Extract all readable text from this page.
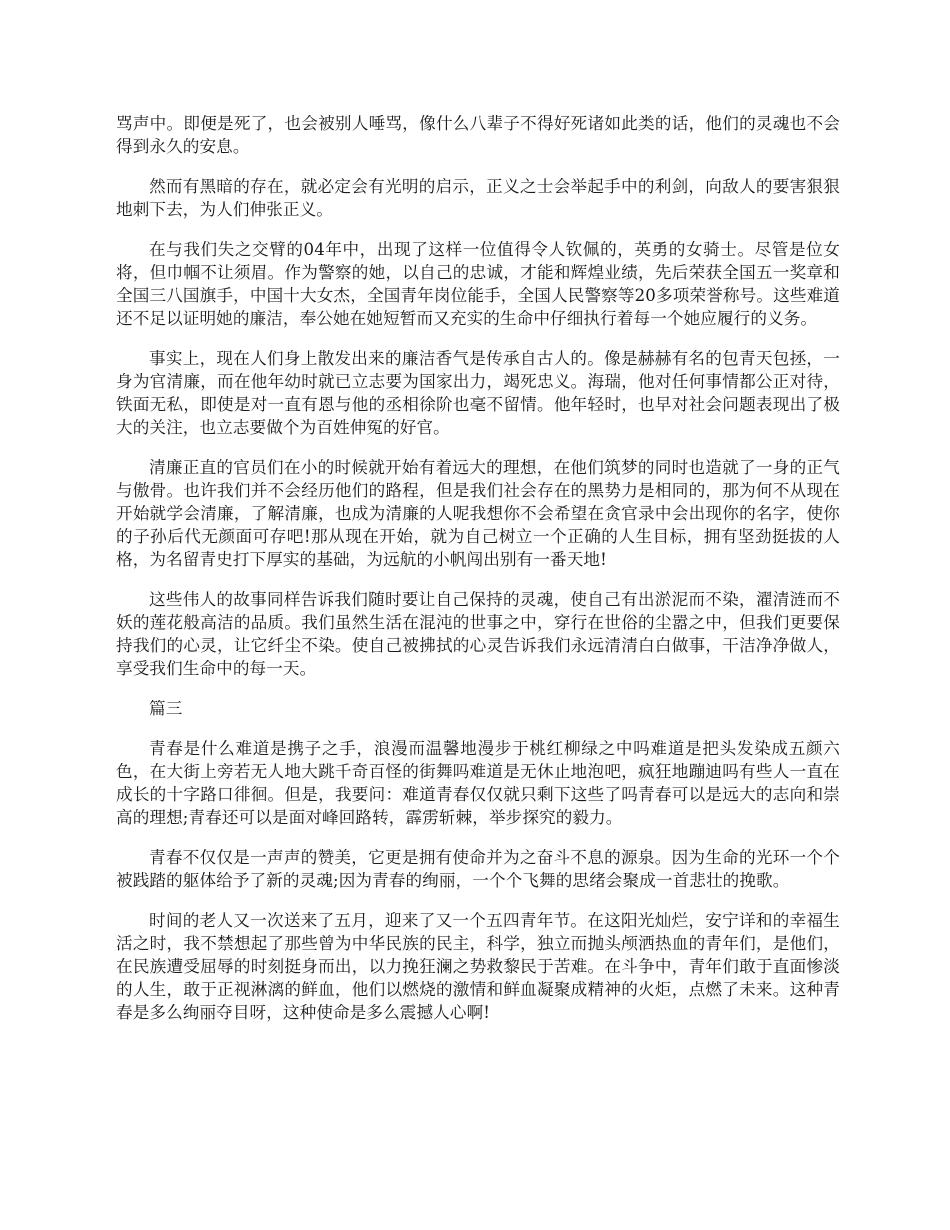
骂声中。即便是死了，也会被别人唾骂，像什么八辈子不得好死诸如此类的话，他们的灵魂也不会得到永久的安息。

然而有黑暗的存在，就必定会有光明的启示，正义之士会举起手中的利剑，向敌人的要害狠狠地刺下去，为人们伸张正义。

在与我们失之交臂的04年中，出现了这样一位值得令人钦佩的，英勇的女骑士。尽管是位女将，但巾帼不让须眉。作为警察的她，以自己的忠诚，才能和辉煌业绩，先后荣获全国五一奖章和全国三八国旗手，中国十大女杰，全国青年岗位能手，全国人民警察等20多项荣誉称号。这些难道还不足以证明她的廉洁，奉公她在她短暂而又充实的生命中仔细执行着每一个她应履行的义务。

事实上，现在人们身上散发出来的廉洁香气是传承自古人的。像是赫赫有名的包青天包拯，一身为官清廉，而在他年幼时就已立志要为国家出力，竭死忠义。海瑞，他对任何事情都公正对待，铁面无私，即使是对一直有恩与他的丞相徐阶也毫不留情。他年轻时，也早对社会问题表现出了极大的关注，也立志要做个为百姓伸冤的好官。

清廉正直的官员们在小的时候就开始有着远大的理想，在他们筑梦的同时也造就了一身的正气与傲骨。也许我们并不会经历他们的路程，但是我们社会存在的黑势力是相同的，那为何不从现在开始就学会清廉，了解清廉，也成为清廉的人呢我想你不会希望在贪官录中会出现你的名字，使你的子孙后代无颜面可存吧!那从现在开始，就为自己树立一个正确的人生目标，拥有坚劲挺拔的人格，为名留青史打下厚实的基础，为远航的小帆闯出别有一番天地!

这些伟人的故事同样告诉我们随时要让自己保持的灵魂，使自己有出淤泥而不染，濯清涟而不妖的莲花般高洁的品质。我们虽然生活在混沌的世事之中，穿行在世俗的尘嚣之中，但我们更要保持我们的心灵，让它纤尘不染。使自己被拂拭的心灵告诉我们永远清清白白做事，干洁净净做人，享受我们生命中的每一天。

篇三

青春是什么难道是携子之手，浪漫而温馨地漫步于桃红柳绿之中吗难道是把头发染成五颜六色，在大街上旁若无人地大跳千奇百怪的街舞吗难道是无休止地泡吧，疯狂地蹦迪吗有些人一直在成长的十字路口徘徊。但是，我要问：难道青春仅仅就只剩下这些了吗青春可以是远大的志向和崇高的理想;青春还可以是面对峰回路转，霹雳斩棘，举步探究的毅力。

青春不仅仅是一声声的赞美，它更是拥有使命并为之奋斗不息的源泉。因为生命的光环一个个被践踏的躯体给予了新的灵魂;因为青春的绚丽，一个个飞舞的思绪会聚成一首悲壮的挽歌。

时间的老人又一次送来了五月，迎来了又一个五四青年节。在这阳光灿烂，安宁详和的幸福生活之时，我不禁想起了那些曾为中华民族的民主，科学，独立而抛头颅洒热血的青年们，是他们，在民族遭受屈辱的时刻挺身而出，以力挽狂澜之势救黎民于苦难。在斗争中，青年们敢于直面惨淡的人生，敢于正视淋漓的鲜血，他们以燃烧的激情和鲜血凝聚成精神的火炬，点燃了未来。这种青春是多么绚丽夺目呀，这种使命是多么震撼人心啊!
